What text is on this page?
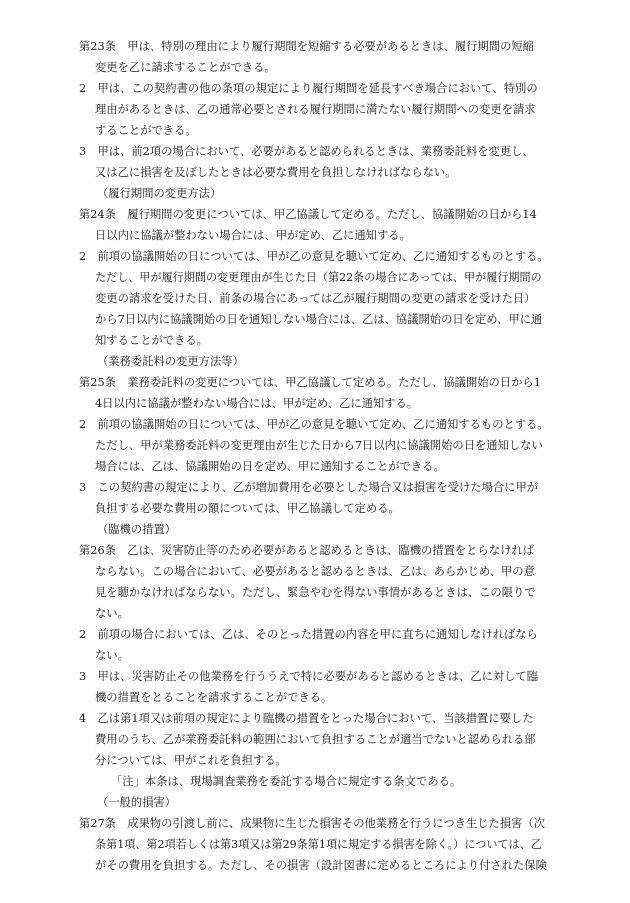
第23条　甲は、特別の理由により履行期間を短縮する必要があるときは、履行期間の短縮
変更を乙に請求することができる。
2　甲は、この契約書の他の条項の規定により履行期間を延長すべき場合において、特別の
理由があるときは、乙の通常必要とされる履行期間に満たない履行期間への変更を請求
することができる。
3　甲は、前2項の場合において、必要があると認められるときは、業務委託料を変更し、
又は乙に損害を及ぼしたときは必要な費用を負担しなければならない。
（履行期間の変更方法）
第24条　履行期間の変更については、甲乙協議して定める。ただし、協議開始の日から14
日以内に協議が整わない場合には、甲が定め、乙に通知する。
2　前項の協議開始の日については、甲が乙の意見を聴いて定め、乙に通知するものとする。
ただし、甲が履行期間の変更理由が生じた日（第22条の場合にあっては、甲が履行期間の
変更の請求を受けた日、前条の場合にあっては乙が履行期間の変更の請求を受けた日）
から7日以内に協議開始の日を通知しない場合には、乙は、協議開始の日を定め、甲に通
知することができる。
（業務委託料の変更方法等）
第25条　業務委託料の変更については、甲乙協議して定める。ただし、協議開始の日から1
4日以内に協議が整わない場合には、甲が定め、乙に通知する。
2　前項の協議開始の日については、甲が乙の意見を聴いて定め、乙に通知するものとする。
ただし、甲が業務委託料の変更理由が生じた日から7日以内に協議開始の日を通知しない
場合には、乙は、協議開始の日を定め、甲に通知することができる。
3　この契約書の規定により、乙が増加費用を必要とした場合又は損害を受けた場合に甲が
負担する必要な費用の額については、甲乙協議して定める。
（臨機の措置）
第26条　乙は、災害防止等のため必要があると認めるときは、臨機の措置をとらなければ
ならない。この場合において、必要があると認めるときは、乙は、あらかじめ、甲の意
見を聴かなければならない。ただし、緊急やむを得ない事情があるときは、この限りで
ない。
2　前項の場合においては、乙は、そのとった措置の内容を甲に直ちに通知しなければなら
ない。
3　甲は、災害防止その他業務を行ううえで特に必要があると認めるときは、乙に対して臨
機の措置をとることを請求することができる。
4　乙は第1項又は前項の規定により臨機の措置をとった場合において、当該措置に要した
費用のうち、乙が業務委託料の範囲において負担することが適当でないと認められる部
分については、甲がこれを負担する。
「注」本条は、現場調査業務を委託する場合に規定する条文である。
（一般的損害）
第27条　成果物の引渡し前に、成果物に生じた損害その他業務を行うにつき生じた損害（次
条第1項、第2項若しくは第3項又は第29条第1項に規定する損害を除く。）については、乙
がその費用を負担する。ただし、その損害（設計図書に定めるところにより付された保険
